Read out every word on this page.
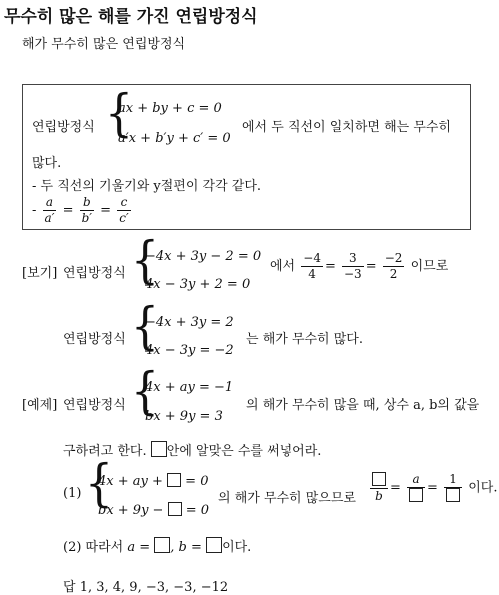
무수히 많은 해를 가진 연립방정식
해가 무수히 많은 연립방정식
연립방정식 {
ax + by + c = 0
a′x + b′y + c′ = 0
에서 두 직선이 일치하면 해는 무수히
많다.
- 두 직선의 기울기와 y절편이 각각 같다.
- $\frac{a}{a'} = \frac{b}{b'} = \frac{c}{c'}$
[보기] 연립방정식 {
−4x + 3y − 2 = 0
4x − 3y + 2 = 0
에서 $\frac{-4}{4} = \frac{3}{-3} = \frac{-2}{2}$ 이므로
연립방정식 {
−4x + 3y = 2
4x − 3y = −2
는 해가 무수히 많다.
[예제] 연립방정식 {
4x + ay = −1
bx + 9y = 3
의 해가 무수히 많을 때, 상수 a, b의 값을
구하려고 한다. 안에 알맞은 수를 써넣어라.
(1) {
4x + ay + = 0
bx + 9y − = 0
의 해가 무수히 많으므로	b
=
a
=
1
이다.
(2) 따라서 a = , b = 이다.
답 1, 3, 4, 9, −3, −3, −12
